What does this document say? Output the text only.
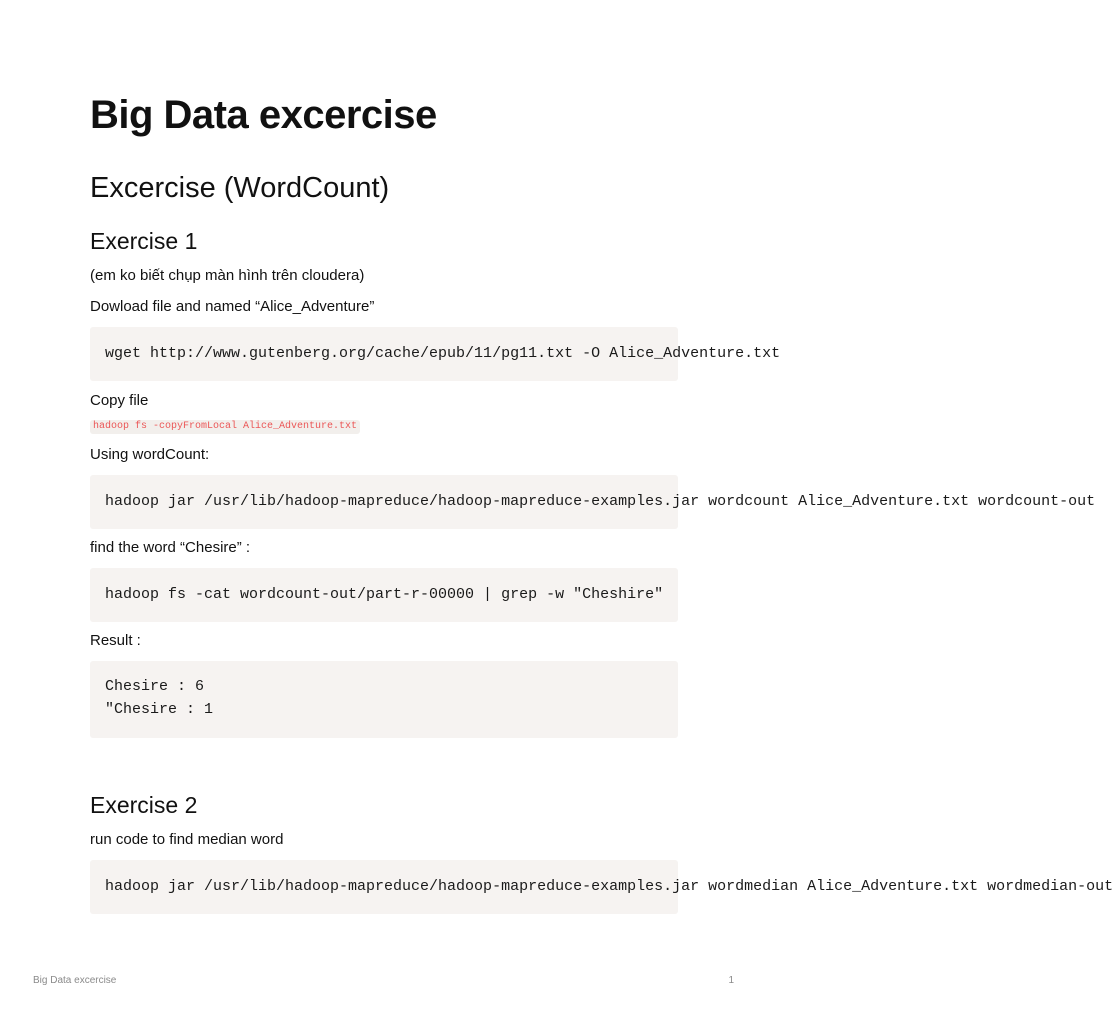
Big Data excercise
Excercise (WordCount)
Exercise 1

(em ko biết chụp màn hình trên cloudera)

Dowload file and named “Alice_Adventure”

wget http://www.gutenberg.org/cache/epub/11/pg11.txt -O Alice_Adventure.txt

Copy file

hadoop fs -copyFromLocal Alice_Adventure.txt

Using wordCount:

hadoop jar /usr/lib/hadoop-mapreduce/hadoop-mapreduce-examples.jar wordcount Alice_Adventure.txt wordcount-out

find the word “Chesire” :

hadoop fs -cat wordcount-out/part-r-00000 | grep -w "Cheshire"

Result :

Chesire : 6
"Chesire : 1
Exercise 2

run code to find median word

hadoop jar /usr/lib/hadoop-mapreduce/hadoop-mapreduce-examples.jar wordmedian Alice_Adventure.txt wordmedian-out
Big Data excercise	1
